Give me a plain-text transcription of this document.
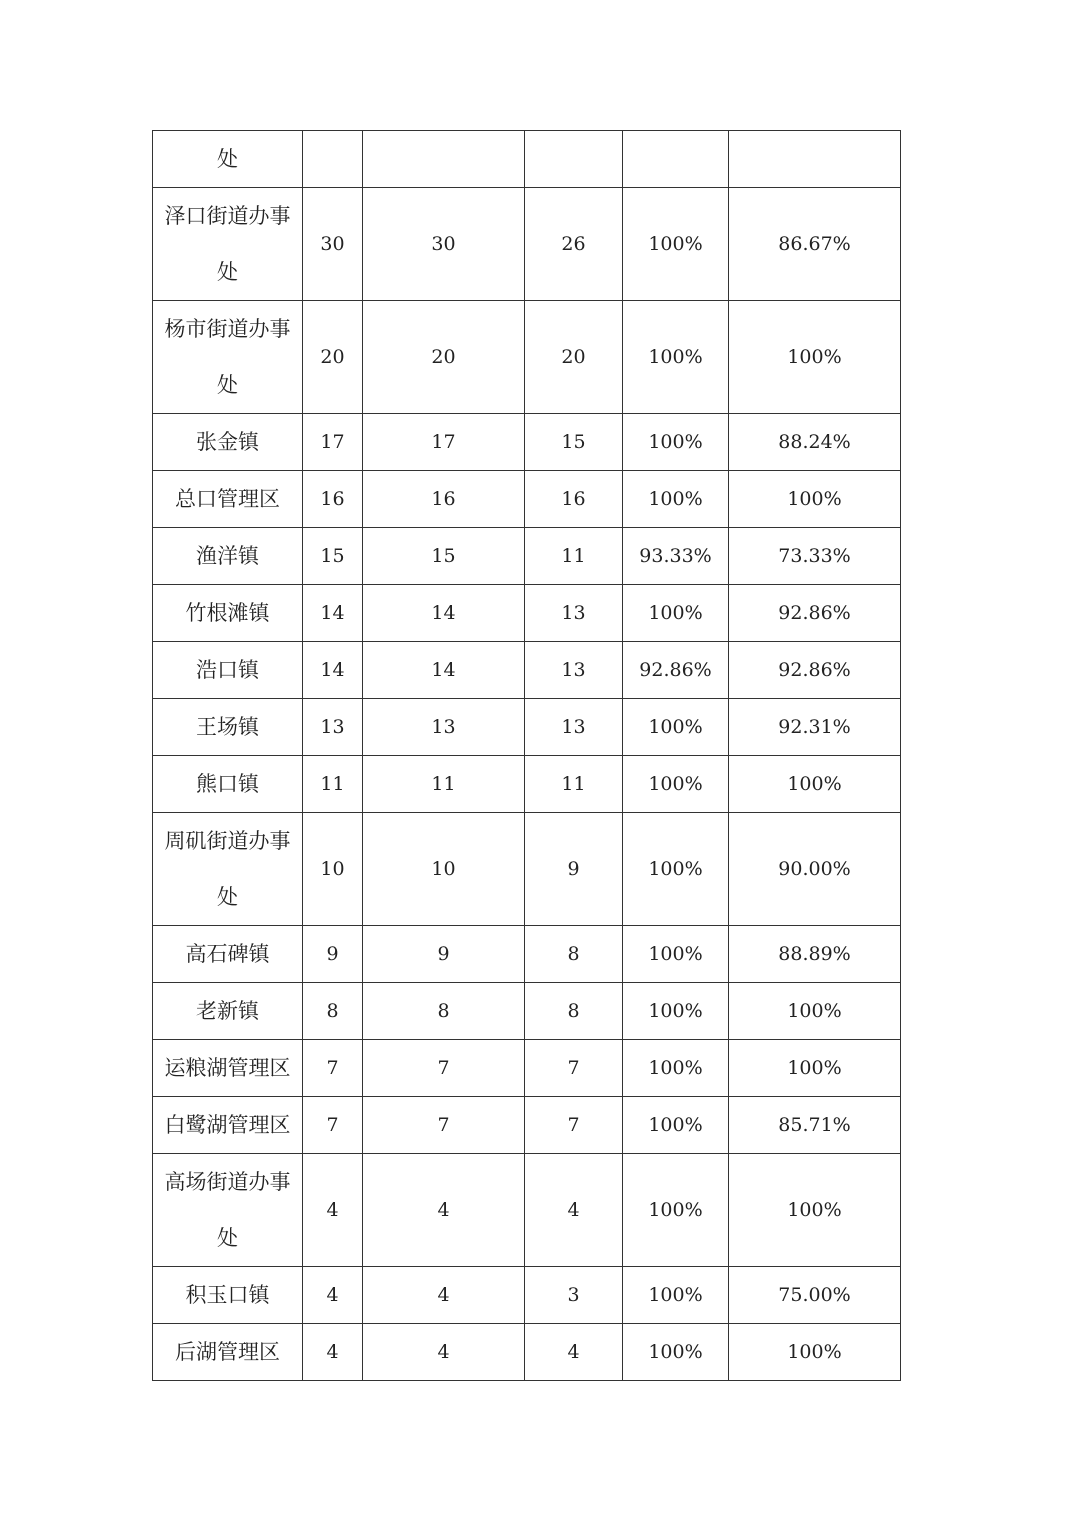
处					
泽口街道办事处	30	30	26	100%	86.67%
杨市街道办事处	20	20	20	100%	100%
张金镇	17	17	15	100%	88.24%
总口管理区	16	16	16	100%	100%
渔洋镇	15	15	11	93.33%	73.33%
竹根滩镇	14	14	13	100%	92.86%
浩口镇	14	14	13	92.86%	92.86%
王场镇	13	13	13	100%	92.31%
熊口镇	11	11	11	100%	100%
周矶街道办事处	10	10	9	100%	90.00%
高石碑镇	9	9	8	100%	88.89%
老新镇	8	8	8	100%	100%
运粮湖管理区	7	7	7	100%	100%
白鹭湖管理区	7	7	7	100%	85.71%
高场街道办事处	4	4	4	100%	100%
积玉口镇	4	4	3	100%	75.00%
后湖管理区	4	4	4	100%	100%
